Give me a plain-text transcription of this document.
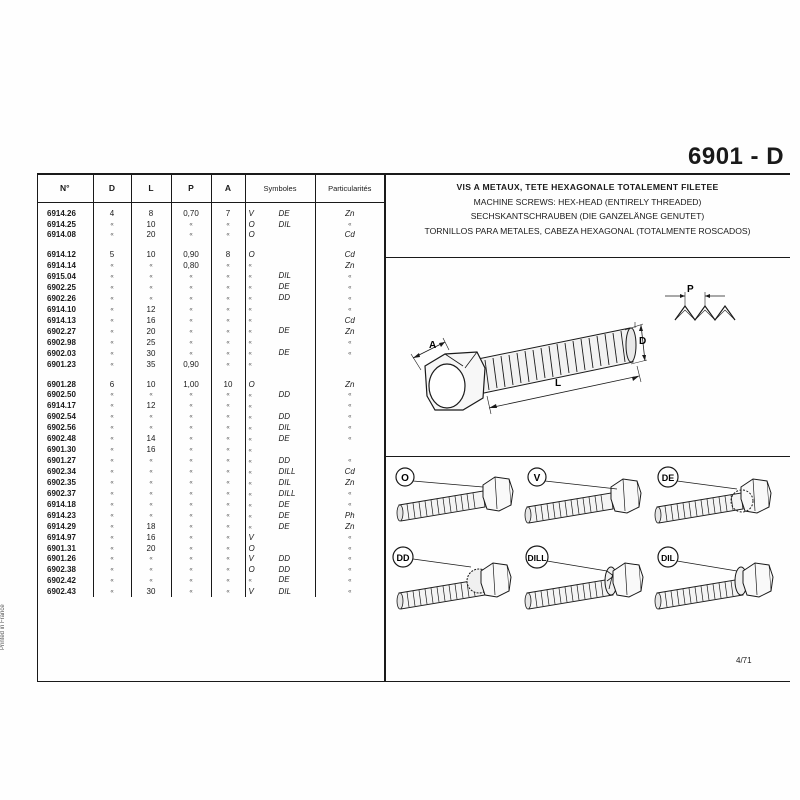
6901 - D
N°	D	L	P	A	Symboles	Particularités

6914.26	4	8	0,70	7	V DE	Zn
6914.25	«	10	«	«	O DIL	«
6914.08	«	20	«	«	O	Cd

6914.12	5	10	0,90	8	O	Cd
6914.14	«	«	0,80	«	«	Zn
6915.04	«	«	«	«	« DIL	«
6902.25	«	«	«	«	« DE	«
6902.26	«	«	«	«	« DD	«
6914.10	«	12	«	«	«	«
6914.13	«	16	«	«	«	Cd
6902.27	«	20	«	«	« DE	Zn
6902.98	«	25	«	«	«	«
6902.03	«	30	«	«	« DE	«
6901.23	«	35	0,90	«	«	

6901.28	6	10	1,00	10	O	Zn
6902.50	«	«	«	«	« DD	«
6914.17	«	12	«	«	«	«
6902.54	«	«	«	«	« DD	«
6902.56	«	«	«	«	« DIL	«
6902.48	«	14	«	«	« DE	«
6901.30	«	16	«	«	«	
6901.27	«	«	«	«	« DD	«
6902.34	«	«	«	«	« DILL	Cd
6902.35	«	«	«	«	« DIL	Zn
6902.37	«	«	«	«	« DILL	«
6914.18	«	«	«	«	« DE	«
6914.23	«	«	«	«	« DE	Ph
6914.29	«	18	«	«	« DE	Zn
6914.97	«	16	«	«	V	«
6901.31	«	20	«	«	O	«
6901.26	«	«	«	«	V DD	«
6902.38	«	«	«	«	O DD	«
6902.42	«	«	«	«	« DE	«
6902.43	«	30	«	«	V DIL	«
VIS A METAUX, TETE HEXAGONALE TOTALEMENT FILETEE
MACHINE SCREWS: HEX-HEAD (ENTIRELY THREADED)
SECHSKANTSCHRAUBEN (DIE GANZELÄNGE GENUTET)
TORNILLOS PARA METALES, CABEZA HEXAGONAL (TOTALMENTE ROSCADOS)
P
A	D
L
O	V	DE
DD	DILL	DIL
Printed in France
4/71
